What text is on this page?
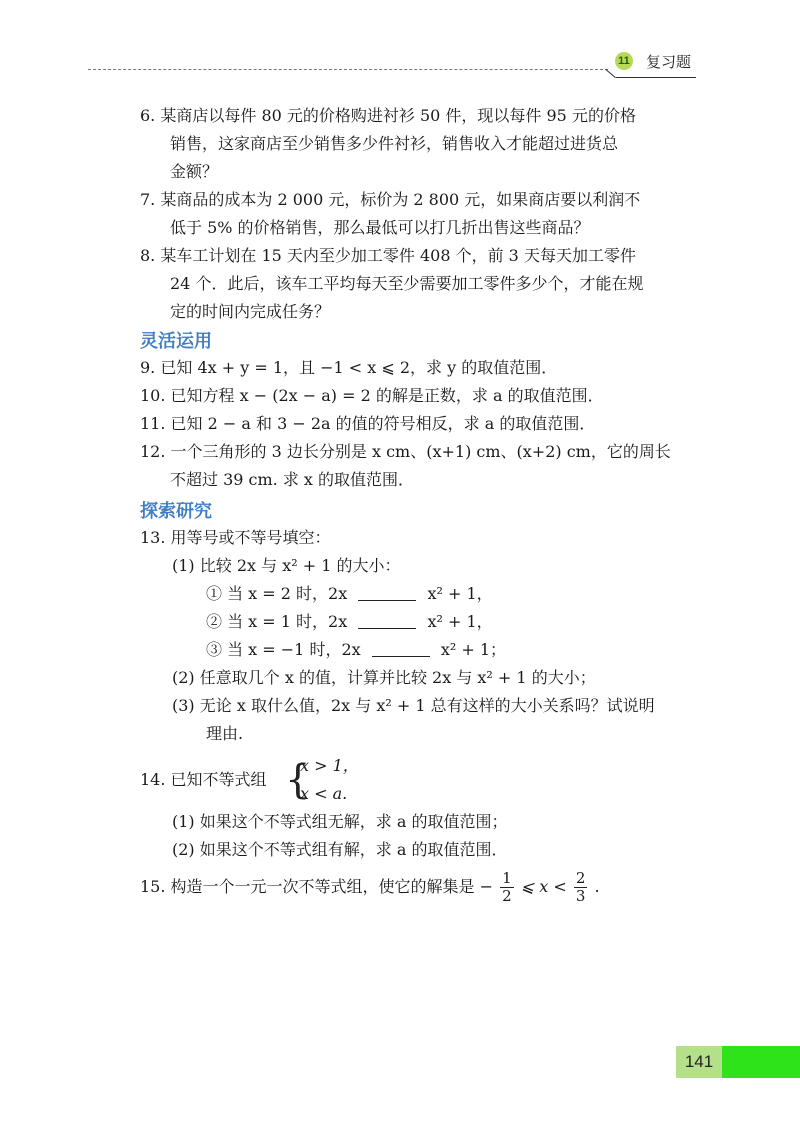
11 复习题
6. 某商店以每件 80 元的价格购进衬衫 50 件，现以每件 95 元的价格
销售，这家商店至少销售多少件衬衫，销售收入才能超过进货总
金额？
7. 某商品的成本为 2 000 元，标价为 2 800 元，如果商店要以利润不
低于 5% 的价格销售，那么最低可以打几折出售这些商品？
8. 某车工计划在 15 天内至少加工零件 408 个，前 3 天每天加工零件
24 个．此后，该车工平均每天至少需要加工零件多少个，才能在规
定的时间内完成任务？
灵活运用
9. 已知 4x + y = 1，且 −1 < x ⩽ 2，求 y 的取值范围．
10. 已知方程 x − (2x − a) = 2 的解是正数，求 a 的取值范围．
11. 已知 2 − a 和 3 − 2a 的值的符号相反，求 a 的取值范围．
12. 一个三角形的 3 边长分别是 x cm、(x+1) cm、(x+2) cm，它的周长
不超过 39 cm. 求 x 的取值范围．
探索研究
13. 用等号或不等号填空：
(1) 比较 2x 与 x² + 1 的大小：
① 当 x = 2 时，2x	x² + 1，
② 当 x = 1 时，2x	x² + 1，
③ 当 x = −1 时，2x	x² + 1；
(2) 任意取几个 x 的值，计算并比较 2x 与 x² + 1 的大小；
(3) 无论 x 取什么值，2x 与 x² + 1 总有这样的大小关系吗？试说明
理由.
14. 已知不等式组 {
x > 1，
x < a.
(1) 如果这个不等式组无解，求 a 的取值范围；
(2) 如果这个不等式组有解，求 a 的取值范围．
15. 构造一个一元一次不等式组，使它的解集是 − $\frac{1}{2}$ ⩽ $x < \frac{2}{3}$ .
141
